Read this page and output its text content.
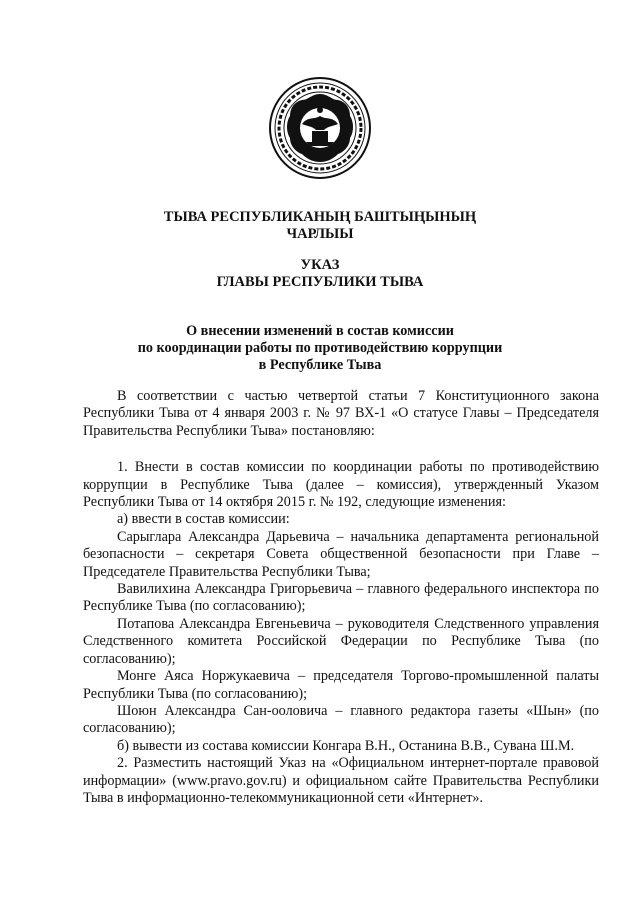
ТЫВА РЕСПУБЛИКАНЫҢ БАШТЫҢЫНЫҢ
ЧАРЛЫЫ
УКАЗ
ГЛАВЫ РЕСПУБЛИКИ ТЫВА
О внесении изменений в состав комиссии
по координации работы по противодействию коррупции
в Республике Тыва

В соответствии с частью четвертой статьи 7 Конституционного закона

Республики Тыва от 4 января 2003 г. № 97 ВХ-1 «О статусе Главы – Председателя

Правительства Республики Тыва» постановляю:

1. Внести в состав комиссии по координации работы по противодействию

коррупции в Республике Тыва (далее – комиссия), утвержденный Указом

Республики Тыва от 14 октября 2015 г. № 192, следующие изменения:

а) ввести в состав комиссии:

Сарыглара Александра Дарьевича – начальника департамента региональной

безопасности – секретаря Совета общественной безопасности при Главе –

Председателе Правительства Республики Тыва;

Вавилихина Александра Григорьевича – главного федерального инспектора по

Республике Тыва (по согласованию);

Потапова Александра Евгеньевича – руководителя Следственного управления

Следственного комитета Российской Федерации по Республике Тыва (по

согласованию);

Монге Аяса Норжукаевича – председателя Торгово-промышленной палаты

Республики Тыва (по согласованию);

Шоюн Александра Сан-ооловича – главного редактора газеты «Шын» (по

согласованию);

б) вывести из состава комиссии Конгара В.Н., Останина В.В., Сувана Ш.М.

2. Разместить настоящий Указ на «Официальном интернет-портале правовой

информации» (www.pravo.gov.ru) и официальном сайте Правительства Республики

Тыва в информационно-телекоммуникационной сети «Интернет».
